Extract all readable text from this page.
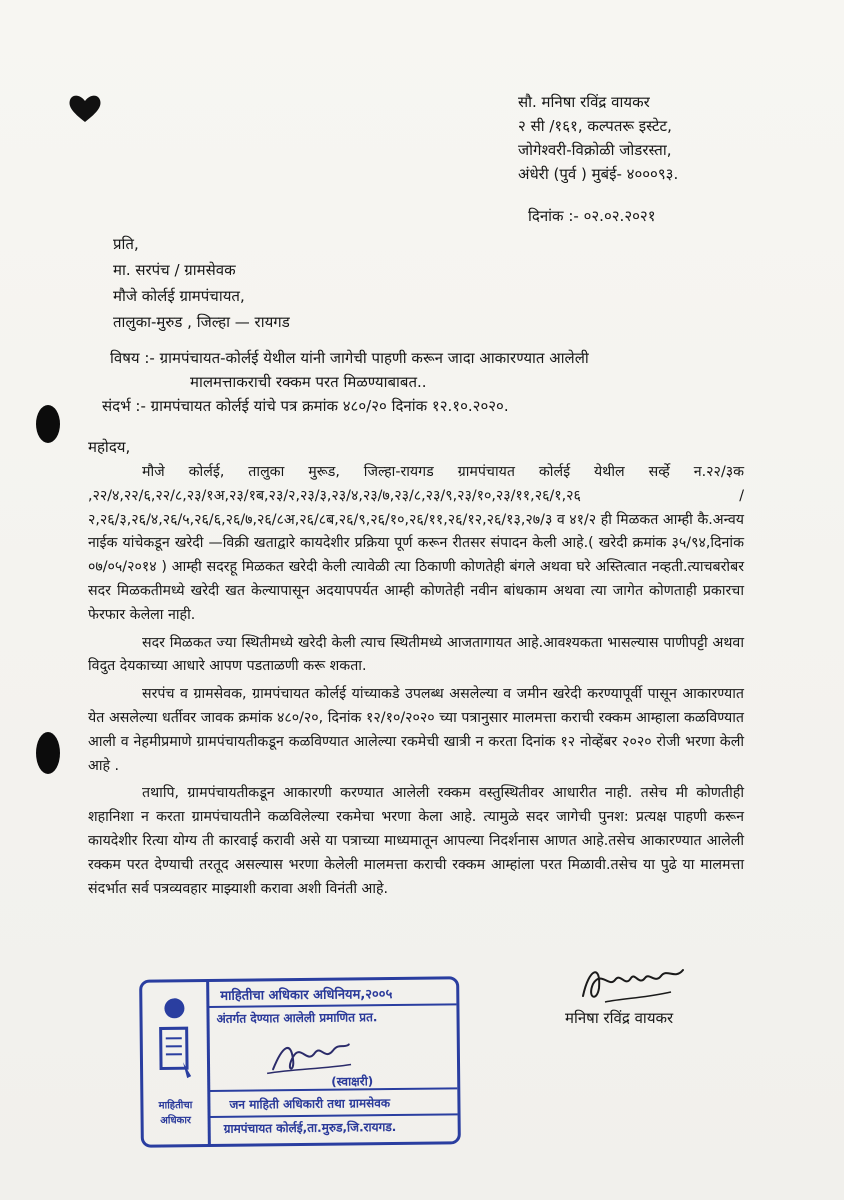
सौ. मनिषा रविंद्र वायकर
२ सी /१६१, कल्पतरू इस्टेट,
जोगेश्वरी-विक्रोळी जोडरस्ता,
अंधेरी (पुर्व ) मुबंई- ४०००९३.
दिनांक :- ०२.०२.२०२१
प्रति,
मा. सरपंच / ग्रामसेवक
मौजे कोर्लई ग्रामपंचायत,
तालुका-मुरुड , जिल्हा — रायगड
विषय :- ग्रामपंचायत-कोर्लई येथील यांनी जागेची पाहणी करून जादा आकारण्यात आलेली
मालमत्ताकराची रक्कम परत मिळण्याबाबत..
संदर्भ :- ग्रामपंचायत कोर्लई यांचे पत्र क्रमांक ४८०/२० दिनांक १२.१०.२०२०.
महोदय,

मौजे कोर्लई, तालुका मुरूड, जिल्हा-रायगड ग्रामपंचायत कोर्लई येथील सर्व्हे न.२२/३क ,२२/४,२२/६,२२/८,२३/१अ,२३/१ब,२३/२,२३/३,२३/४,२३/७,२३/८,२३/९,२३/१०,२३/११,२६/१,२६ /२,२६/३,२६/४,२६/५,२६/६,२६/७,२६/८अ,२६/८ब,२६/९,२६/१०,२६/११,२६/१२,२६/१३,२७/३ व ४१/२ ही मिळकत आम्ही कै.अन्वय नाईक यांचेकडून खरेदी —विक्री खताद्वारे कायदेशीर प्रक्रिया पूर्ण करून रीतसर संपादन केली आहे.( खरेदी क्रमांक ३५/९४,दिनांक ०७/०५/२०१४ ) आम्ही सदरहू मिळकत खरेदी केली त्यावेळी त्या ठिकाणी कोणतेही बंगले अथवा घरे अस्तित्वात नव्हती.त्याचबरोबर सदर मिळकतीमध्ये खरेदी खत केल्यापासून अदयापपर्यत आम्ही कोणतेही नवीन बांधकाम अथवा त्या जागेत कोणताही प्रकारचा फेरफार केलेला नाही.

सदर मिळकत ज्या स्थितीमध्ये खरेदी केली त्याच स्थितीमध्ये आजतागायत आहे.आवश्यकता भासल्यास पाणीपट्टी अथवा विदुत देयकाच्या आधारे आपण पडताळणी करू शकता.

सरपंच व ग्रामसेवक, ग्रामपंचायत कोर्लई यांच्याकडे उपलब्ध असलेल्या व जमीन खरेदी करण्यापूर्वी पासून आकारण्यात येत असलेल्या धर्तीवर जावक क्रमांक ४८०/२०, दिनांक १२/१०/२०२० च्या पत्रानुसार मालमत्ता कराची रक्कम आम्हाला कळविण्यात आली व नेहमीप्रमाणे ग्रामपंचायतीकडून कळविण्यात आलेल्या रकमेची खात्री न करता दिनांक १२ नोव्हेंबर २०२० रोजी भरणा केली आहे .

तथापि, ग्रामपंचायतीकडून आकारणी करण्यात आलेली रक्कम वस्तुस्थितीवर आधारीत नाही. तसेच मी कोणतीही शहानिशा न करता ग्रामपंचायतीने कळविलेल्या रकमेचा भरणा केला आहे. त्यामुळे सदर जागेची पुनश: प्रत्यक्ष पाहणी करून कायदेशीर रित्या योग्य ती कारवाई करावी असे या पत्राच्या माध्यमातून आपल्या निदर्शनास आणत आहे.तसेच आकारण्यात आलेली रक्कम परत देण्याची तरतूद असल्यास भरणा केलेली मालमत्ता कराची रक्कम आम्हांला परत मिळावी.तसेच या पुढे या मालमत्ता संदर्भात सर्व पत्रव्यवहार माझ्याशी करावा अशी विनंती आहे.

मनिषा रविंद्र वायकर
माहितीचा अधिकार
माहितीचा अधिकार अधिनियम,२००५
अंतर्गत देण्यात आलेली प्रमाणित प्रत.
(स्वाक्षरी)
जन माहिती अधिकारी तथा ग्रामसेवक
ग्रामपंचायत कोर्लई,ता.मुरुड,जि.रायगड.
